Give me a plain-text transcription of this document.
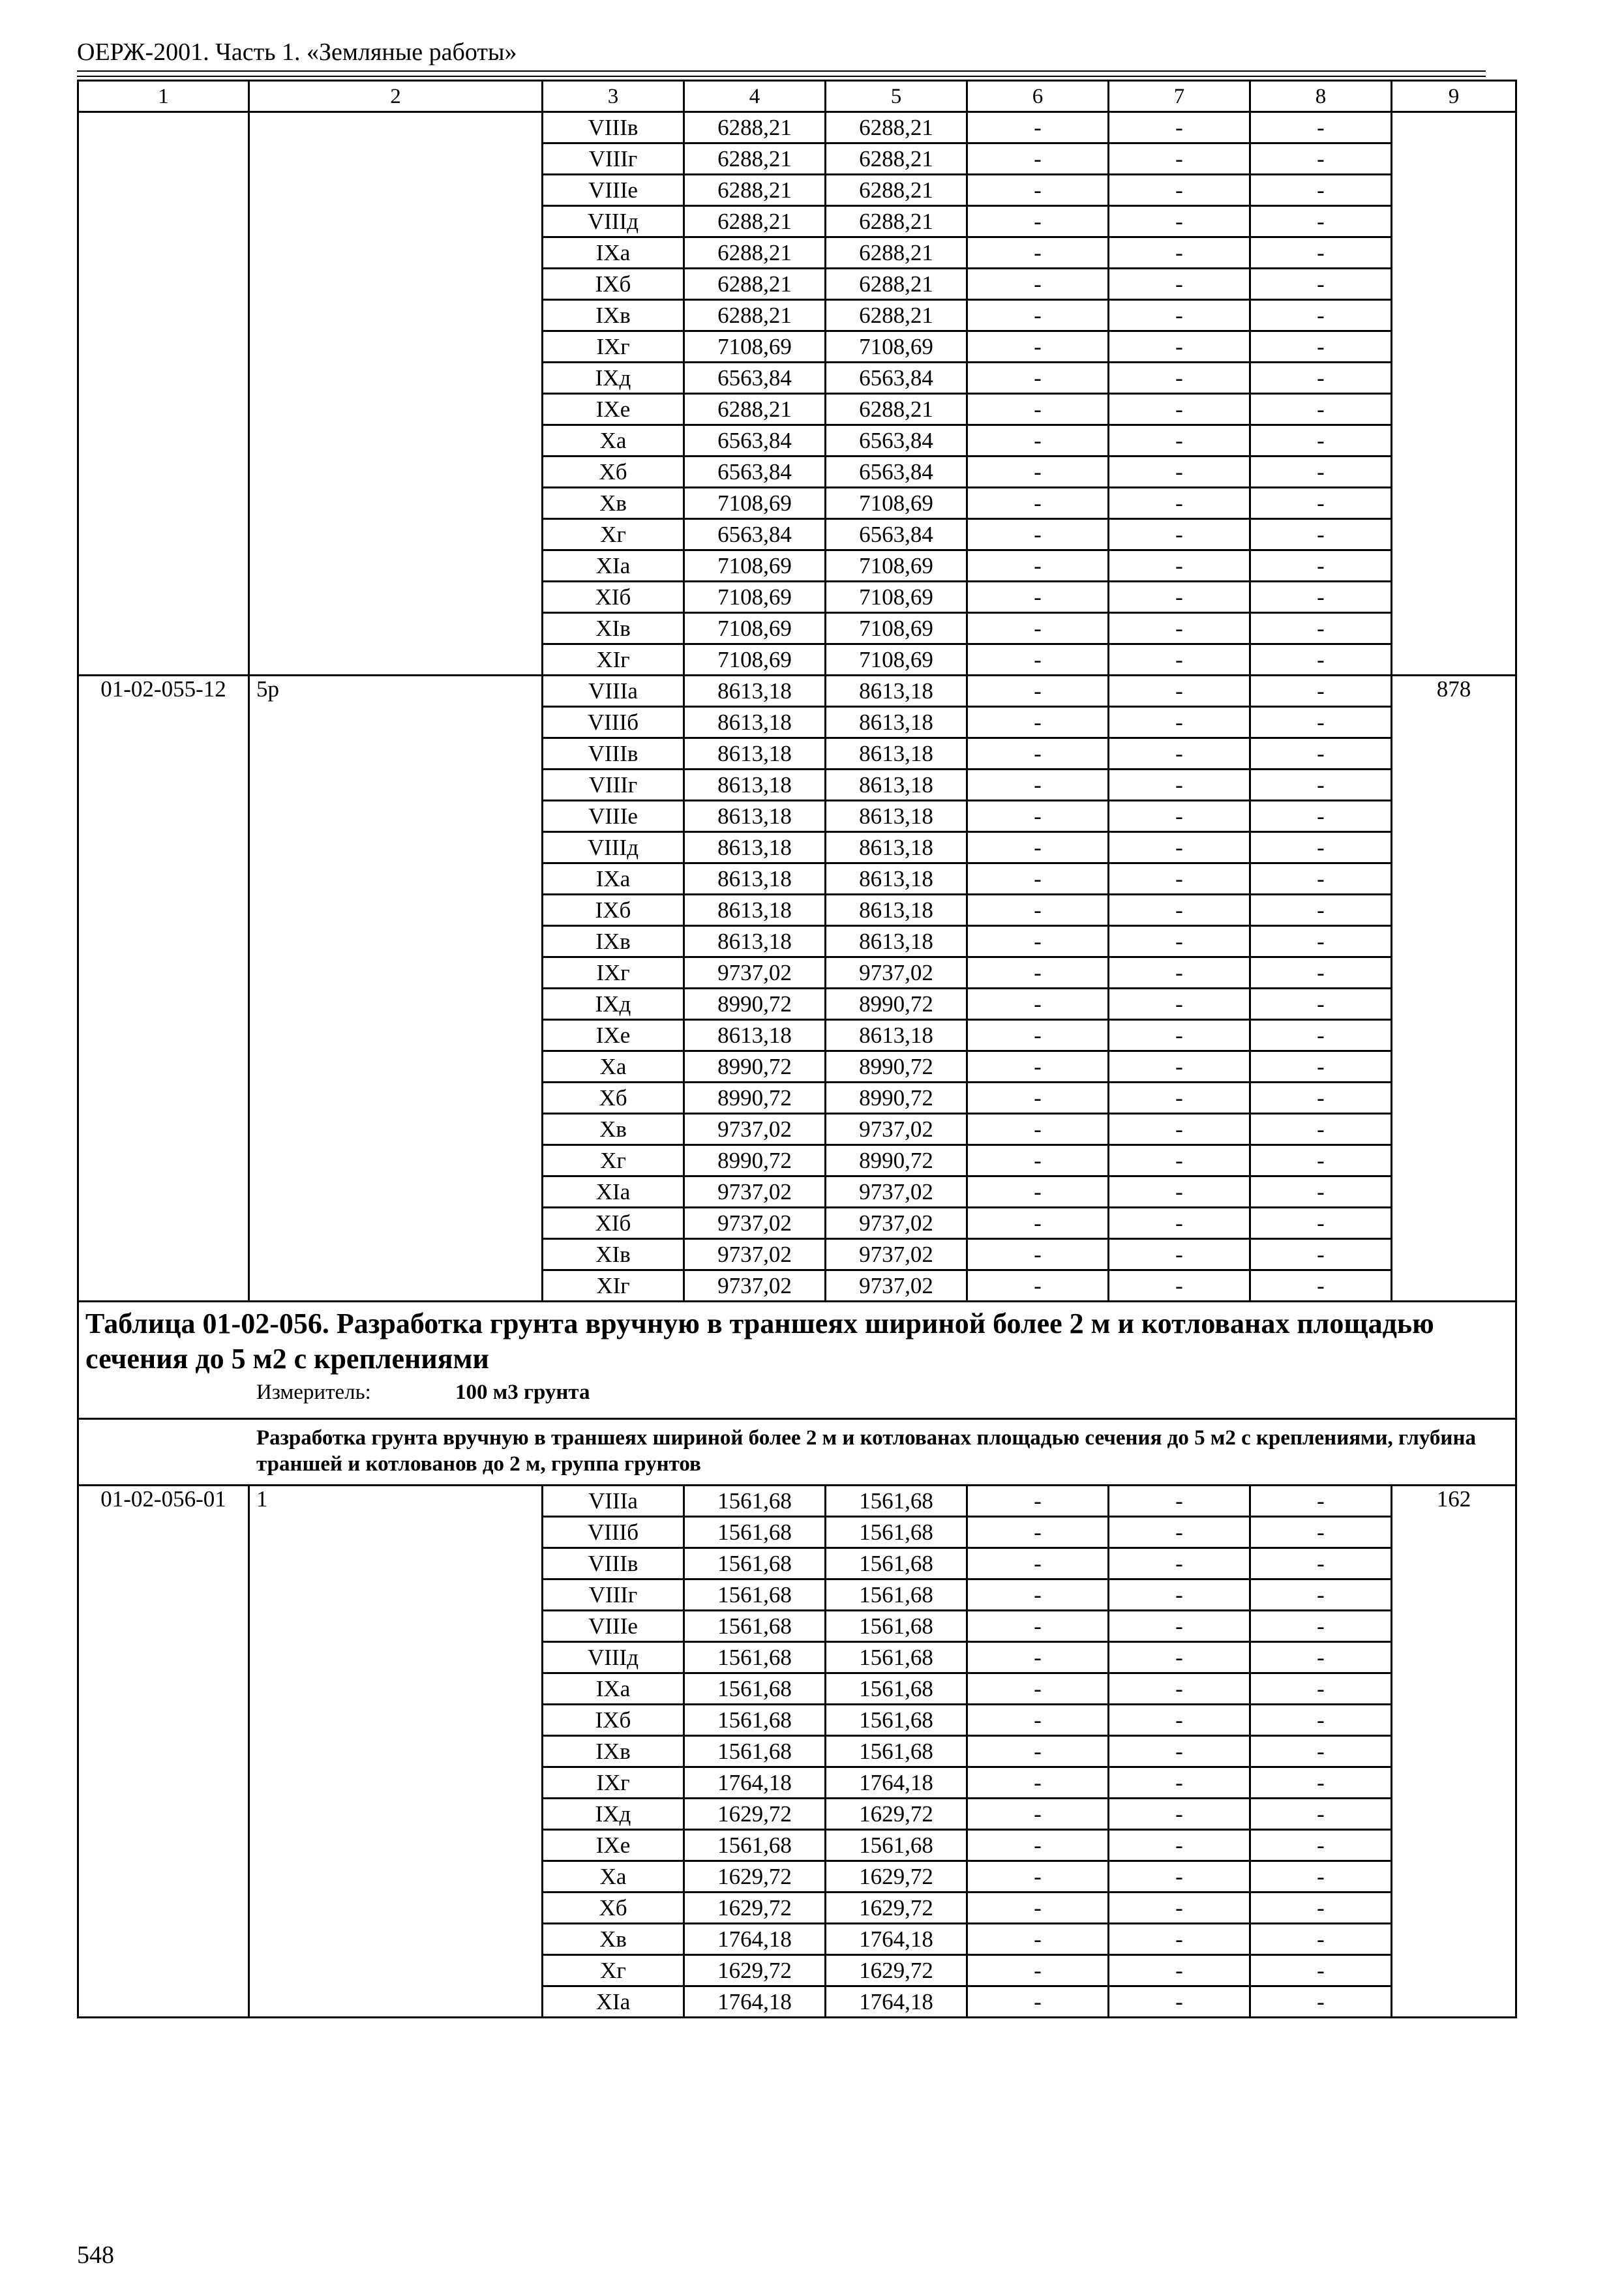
ОЕРЖ-2001. Часть 1. «Земляные работы»
1	2	3	4	5	6	7	8	9
		VIIIв	6288,21	6288,21	-	-	-	
		VIIIг	6288,21	6288,21	-	-	-	
		VIIIе	6288,21	6288,21	-	-	-	
		VIIIд	6288,21	6288,21	-	-	-	
		IXа	6288,21	6288,21	-	-	-	
		IXб	6288,21	6288,21	-	-	-	
		IXв	6288,21	6288,21	-	-	-	
		IXг	7108,69	7108,69	-	-	-	
		IXд	6563,84	6563,84	-	-	-	
		IXе	6288,21	6288,21	-	-	-	
		Xа	6563,84	6563,84	-	-	-	
		Xб	6563,84	6563,84	-	-	-	
		Xв	7108,69	7108,69	-	-	-	
		Xг	6563,84	6563,84	-	-	-	
		XIа	7108,69	7108,69	-	-	-	
		XIб	7108,69	7108,69	-	-	-	
		XIв	7108,69	7108,69	-	-	-	
		XIг	7108,69	7108,69	-	-	-	
01-02-055-12	5р	VIIIа	8613,18	8613,18	-	-	-	878
		VIIIб	8613,18	8613,18	-	-	-	
		VIIIв	8613,18	8613,18	-	-	-	
		VIIIг	8613,18	8613,18	-	-	-	
		VIIIе	8613,18	8613,18	-	-	-	
		VIIIд	8613,18	8613,18	-	-	-	
		IXа	8613,18	8613,18	-	-	-	
		IXб	8613,18	8613,18	-	-	-	
		IXв	8613,18	8613,18	-	-	-	
		IXг	9737,02	9737,02	-	-	-	
		IXд	8990,72	8990,72	-	-	-	
		IXе	8613,18	8613,18	-	-	-	
		Xа	8990,72	8990,72	-	-	-	
		Xб	8990,72	8990,72	-	-	-	
		Xв	9737,02	9737,02	-	-	-	
		Xг	8990,72	8990,72	-	-	-	
		XIа	9737,02	9737,02	-	-	-	
		XIб	9737,02	9737,02	-	-	-	
		XIв	9737,02	9737,02	-	-	-	
		XIг	9737,02	9737,02	-	-	-	

Таблица 01-02-056. Разработка грунта вручную в траншеях шириной более 2 м и котлованах площадью сечения до 5 м2 с креплениями
Измеритель: 100 м3 грунта								

Разработка грунта вручную в траншеях шириной более 2 м и котлованах площадью сечения до 5 м2 с креплениями, глубина траншей и котлованов до 2 м, группа грунтов								

01-02-056-01	1	VIIIа	1561,68	1561,68	-	-	-	162
		VIIIб	1561,68	1561,68	-	-	-	
		VIIIв	1561,68	1561,68	-	-	-	
		VIIIг	1561,68	1561,68	-	-	-	
		VIIIе	1561,68	1561,68	-	-	-	
		VIIIд	1561,68	1561,68	-	-	-	
		IXа	1561,68	1561,68	-	-	-	
		IXб	1561,68	1561,68	-	-	-	
		IXв	1561,68	1561,68	-	-	-	
		IXг	1764,18	1764,18	-	-	-	
		IXд	1629,72	1629,72	-	-	-	
		IXе	1561,68	1561,68	-	-	-	
		Xа	1629,72	1629,72	-	-	-	
		Xб	1629,72	1629,72	-	-	-	
		Xв	1764,18	1764,18	-	-	-	
		Xг	1629,72	1629,72	-	-	-	
		XIа	1764,18	1764,18	-	-	-	
548
